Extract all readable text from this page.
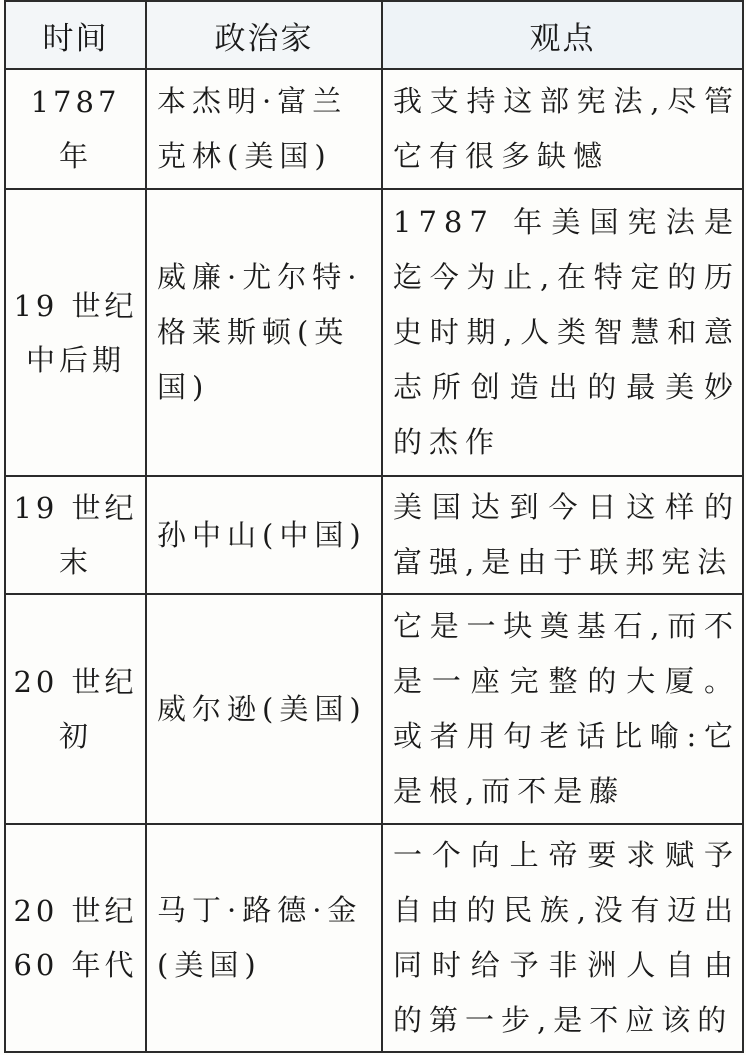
时间	政治家	观点
1787 年	本杰明·富兰克林(美国)	我支持这部宪法,尽管它有很多缺憾
19 世纪中后期	威廉·尤尔特·格莱斯顿(英国)	1787 年美国宪法是迄今为止,在特定的历史时期,人类智慧和意志所创造出的最美妙的杰作
19 世纪末	孙中山(中国)	美国达到今日这样的富强,是由于联邦宪法
20 世纪初	威尔逊(美国)	它是一块奠基石,而不是一座完整的大厦。或者用句老话比喻:它是根,而不是藤
20 世纪 60 年代	马丁·路德·金(美国)	一个向上帝要求赋予自由的民族,没有迈出同时给予非洲人自由的第一步,是不应该的
